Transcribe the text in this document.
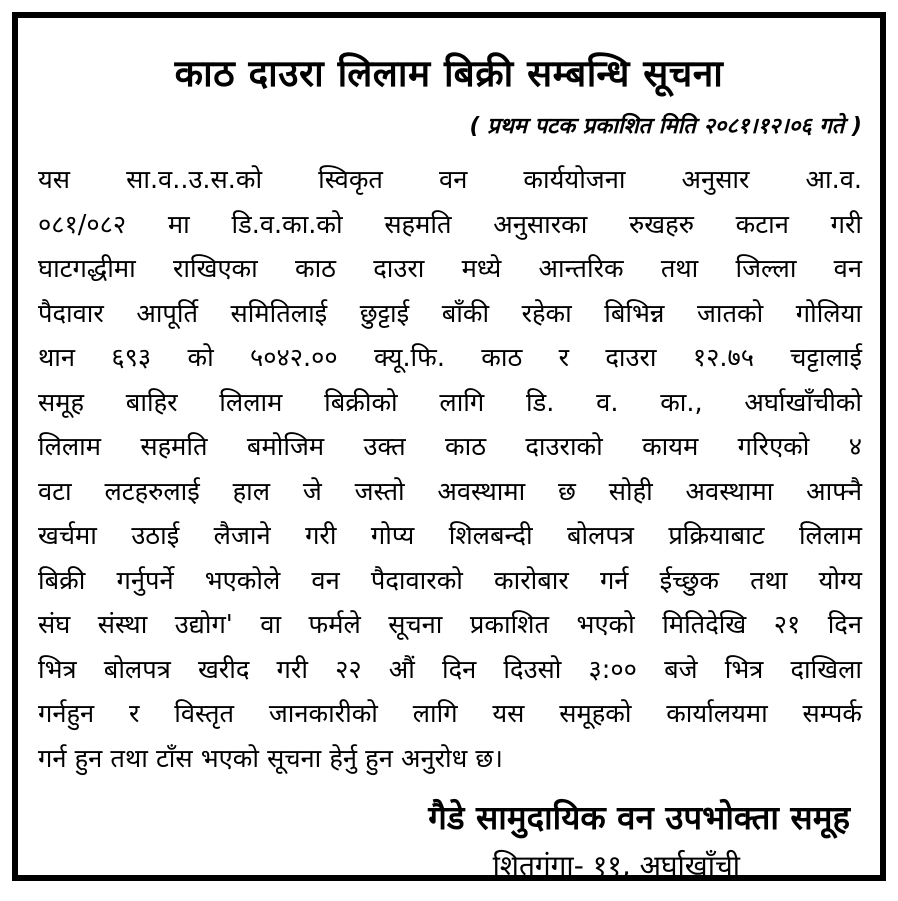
काठ दाउरा लिलाम बिक्री सम्बन्धि सूचना
( प्रथम पटक प्रकाशित मिति २०८१।१२।०६ गते )
यस सा.व..उ.स.को स्विकृत वन कार्ययोजना अनुसार आ.व.
०८१/०८२ मा डि.व.का.को सहमति अनुसारका रुखहरु कटान गरी
घाटगद्धीमा राखिएका काठ दाउरा मध्ये आन्तरिक तथा जिल्ला वन
पैदावार आपूर्ति समितिलाई छुट्टाई बाँकी रहेका बिभिन्न जातको गोलिया
थान ६९३ को ५०४२.०० क्यू.फि. काठ र दाउरा १२.७५ चट्टालाई
समूह बाहिर लिलाम बिक्रीको लागि डि. व. का., अर्घाखाँचीको
लिलाम सहमति बमोजिम उक्त काठ दाउराको कायम गरिएको ४
वटा लटहरुलाई हाल जे जस्तो अवस्थामा छ सोही अवस्थामा आफ्नै
खर्चमा उठाई लैजाने गरी गोप्य शिलबन्दी बोलपत्र प्रक्रियाबाट लिलाम
बिक्री गर्नुपर्ने भएकोले वन पैदावारको कारोबार गर्न ईच्छुक तथा योग्य
संघ संस्था उद्योग' वा फर्मले सूचना प्रकाशित भएको मितिदेखि २१ दिन
भित्र बोलपत्र खरीद गरी २२ औं दिन दिउसो ३:०० बजे भित्र दाखिला
गर्नहुन र विस्तृत जानकारीको लागि यस समूहको कार्यालयमा सम्पर्क
गर्न हुन तथा टाँस भएको सूचना हेर्नु हुन अनुरोध छ।
गैडे सामुदायिक वन उपभोक्ता समूह
शितगंगा- ११, अर्घाखाँची
